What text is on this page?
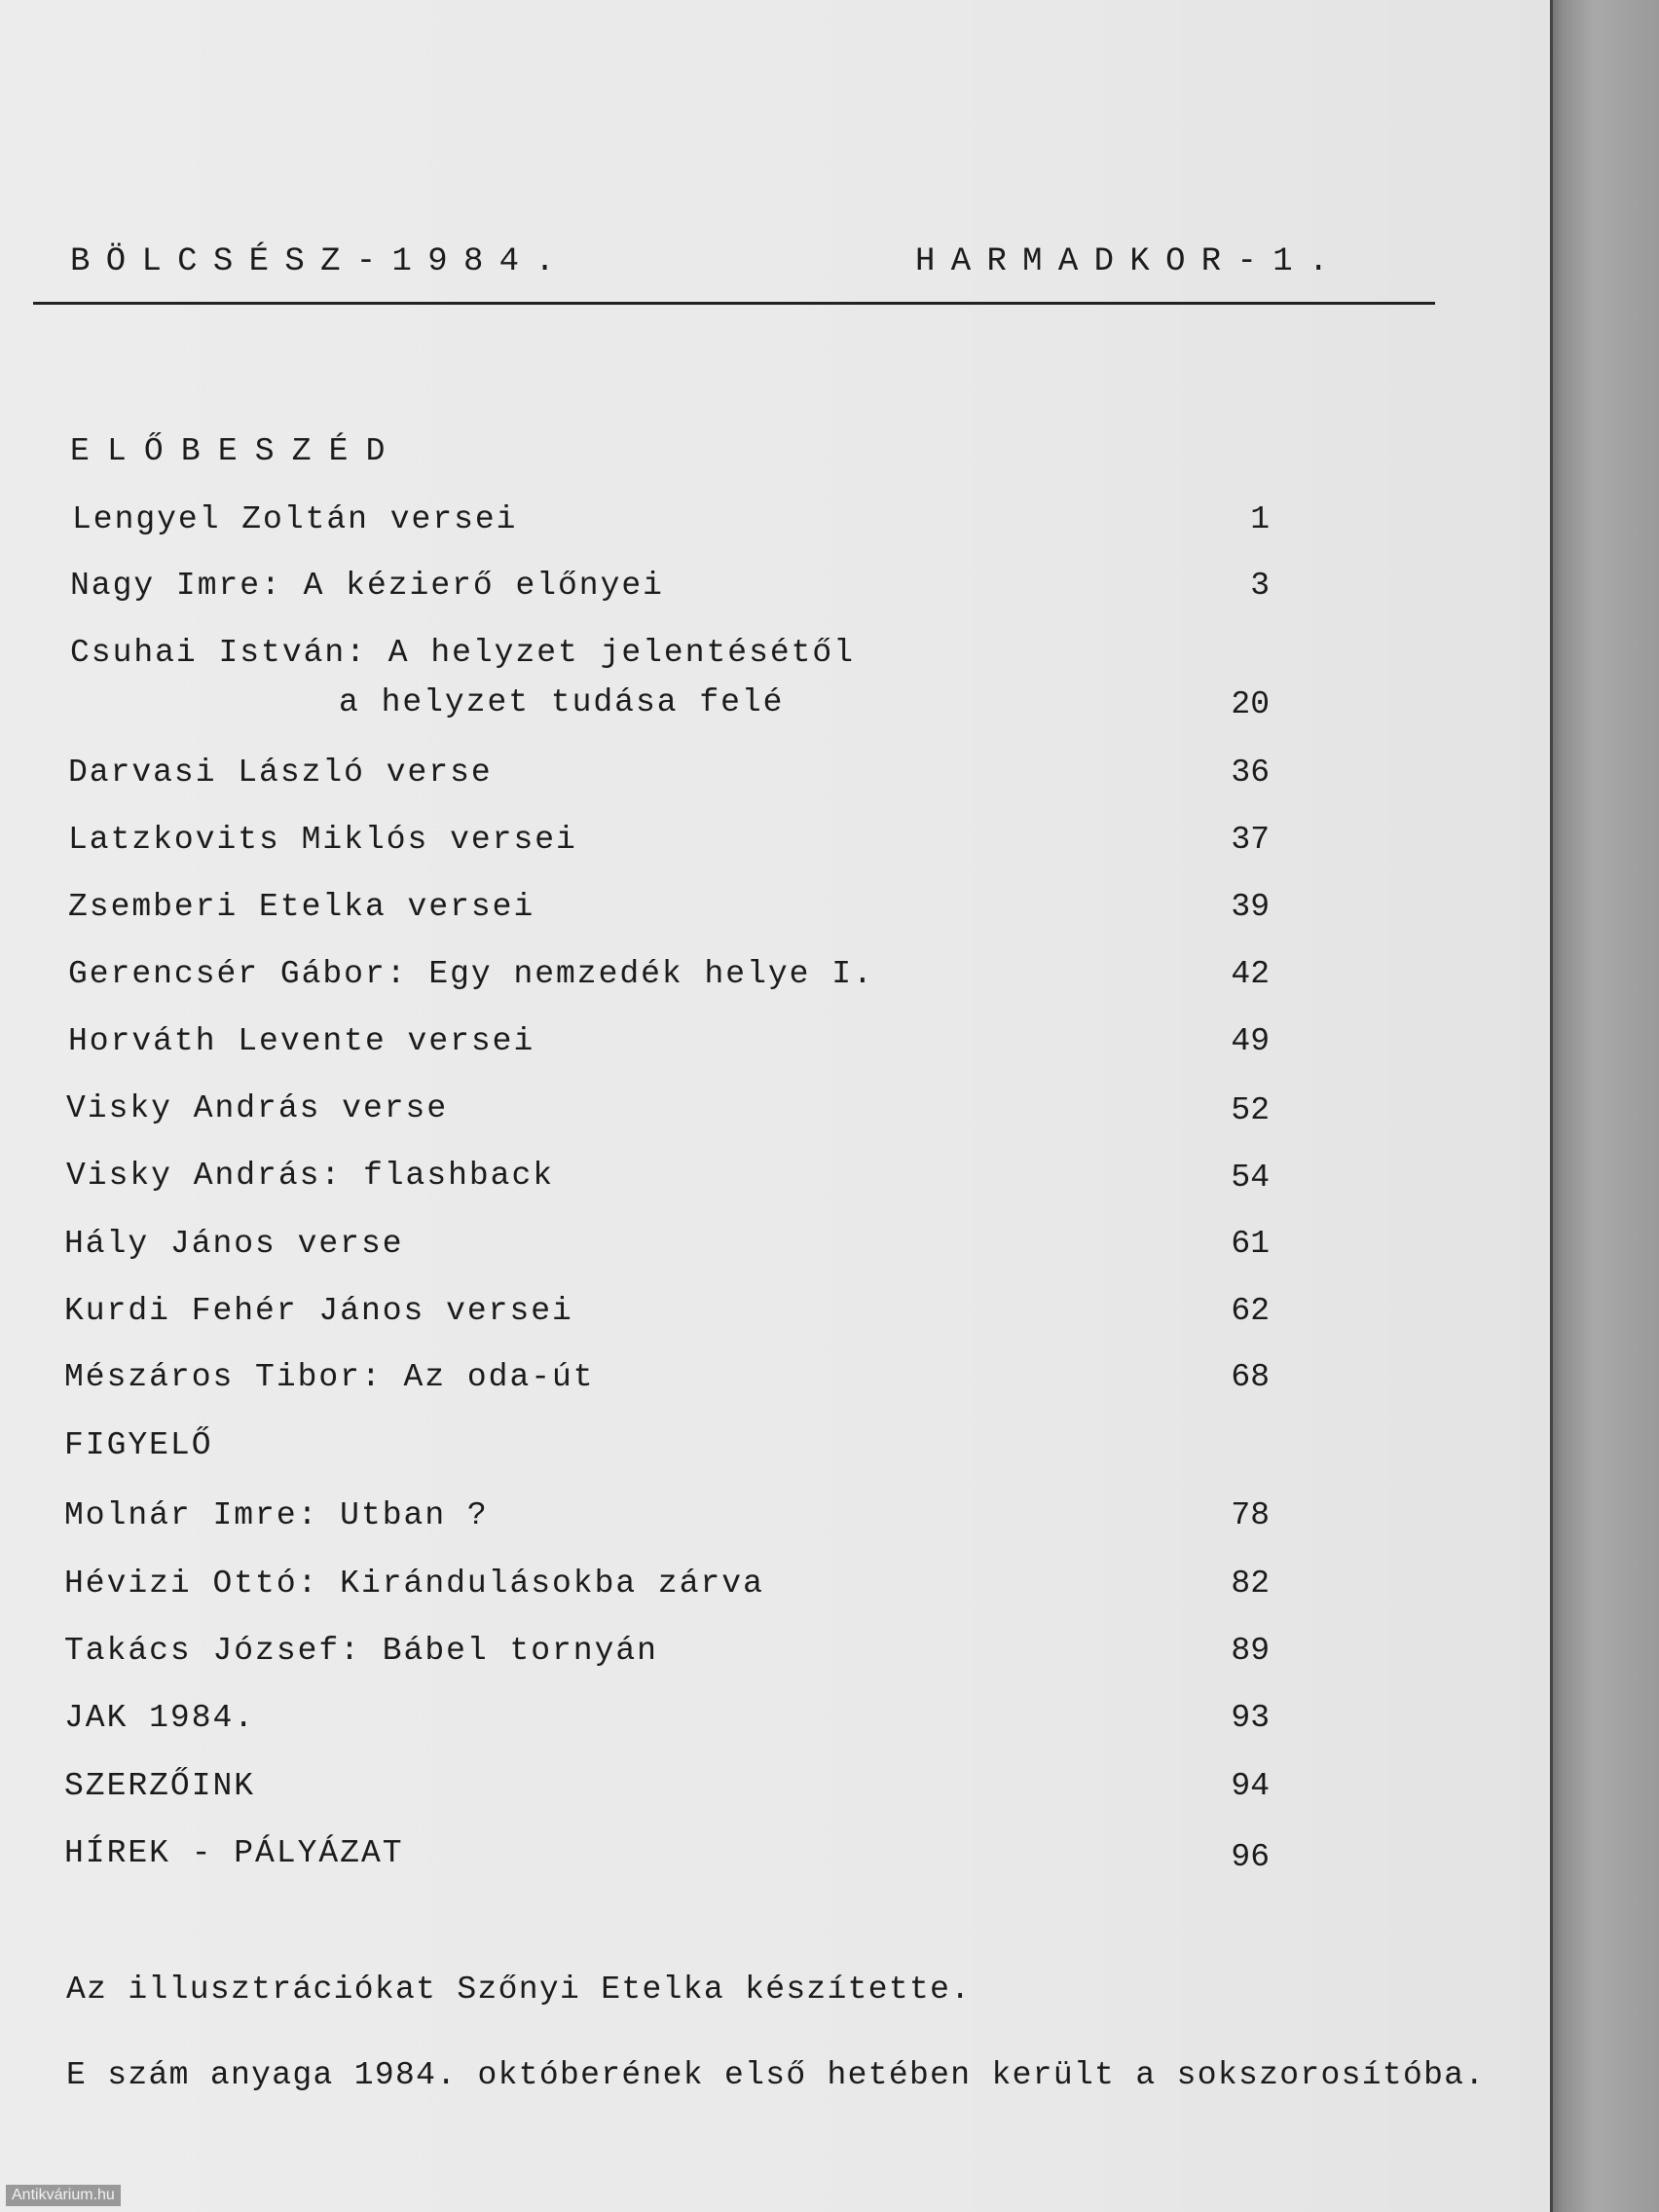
BÖLCSÉSZ-1984.	HARMADKOR-1.
ELŐBESZÉD
Lengyel Zoltán versei	1
Nagy Imre: A kézierő előnyei	3
Csuhai István: A helyzet jelentésétől
a helyzet tudása felé	20
Darvasi László verse	36
Latzkovits Miklós versei	37
Zsemberi Etelka versei	39
Gerencsér Gábor: Egy nemzedék helye I.	42
Horváth Levente versei	49
Visky András verse	52
Visky András: flashback	54
Hály János verse	61
Kurdi Fehér János versei	62
Mészáros Tibor: Az oda-út	68
FIGYELŐ
Molnár Imre: Utban ?	78
Hévizi Ottó: Kirándulásokba zárva	82
Takács József: Bábel tornyán	89
JAK 1984.	93
SZERZŐINK	94
HÍREK - PÁLYÁZAT	96
Az illusztrációkat Szőnyi Etelka készítette.
E szám anyaga 1984. októberének első hetében került a sokszorosítóba.
Antikvárium.hu
